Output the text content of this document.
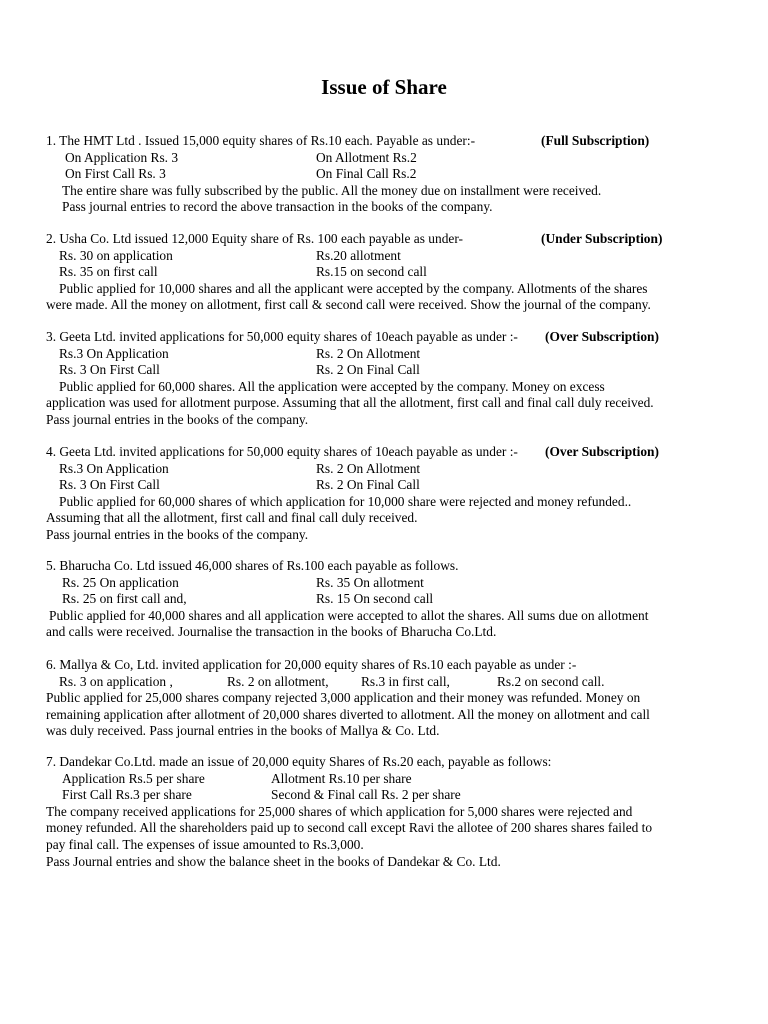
Issue of Share
1. The HMT Ltd . Issued 15,000 equity shares of Rs.10 each. Payable as under:-	(Full Subscription)
On Application Rs. 3	On Allotment Rs.2
On First Call Rs. 3	On Final Call Rs.2
The entire share was fully subscribed by the public. All the money due on installment were received.
Pass journal entries to record the above transaction in the books of the company.
2. Usha Co. Ltd issued 12,000 Equity share of Rs. 100 each payable as under-	(Under Subscription)
Rs. 30 on application	Rs.20 allotment
Rs. 35 on first call	Rs.15 on second call
Public applied for 10,000 shares and all the applicant were accepted by the company. Allotments of the shares
were made. All the money on allotment, first call & second call were received. Show the journal of the company.
3. Geeta Ltd. invited applications for 50,000 equity shares of 10each payable as under :- (Over Subscription)
Rs.3 On Application	Rs. 2 On Allotment
Rs. 3 On First Call	Rs. 2 On Final Call
Public applied for 60,000 shares. All the application were accepted by the company. Money on excess
application was used for allotment purpose. Assuming that all the allotment, first call and final call duly received.
Pass journal entries in the books of the company.
4. Geeta Ltd. invited applications for 50,000 equity shares of 10each payable as under :- (Over Subscription)
Rs.3 On Application	Rs. 2 On Allotment
Rs. 3 On First Call	Rs. 2 On Final Call
Public applied for 60,000 shares of which application for 10,000 share were rejected and money refunded..
Assuming that all the allotment, first call and final call duly received.
Pass journal entries in the books of the company.
5. Bharucha Co. Ltd issued 46,000 shares of Rs.100 each payable as follows.
Rs. 25 On application	Rs. 35 On allotment
Rs. 25 on first call and,	Rs. 15 On second call
Public applied for 40,000 shares and all application were accepted to allot the shares. All sums due on allotment
and calls were received. Journalise the transaction in the books of Bharucha Co.Ltd.
6. Mallya & Co, Ltd. invited application for 20,000 equity shares of Rs.10 each payable as under :-
Rs. 3 on application ,	Rs. 2 on allotment, Rs.3 in first call,	Rs.2 on second call.
Public applied for 25,000 shares company rejected 3,000 application and their money was refunded. Money on
remaining application after allotment of 20,000 shares diverted to allotment. All the money on allotment and call
was duly received. Pass journal entries in the books of Mallya & Co. Ltd.
7. Dandekar Co.Ltd. made an issue of 20,000 equity Shares of Rs.20 each, payable as follows:
Application Rs.5 per share	Allotment Rs.10 per share
First Call Rs.3 per share	Second & Final call Rs. 2 per share
The company received applications for 25,000 shares of which application for 5,000 shares were rejected and
money refunded. All the shareholders paid up to second call except Ravi the allotee of 200 shares shares failed to
pay final call. The expenses of issue amounted to Rs.3,000.
Pass Journal entries and show the balance sheet in the books of Dandekar & Co. Ltd.
